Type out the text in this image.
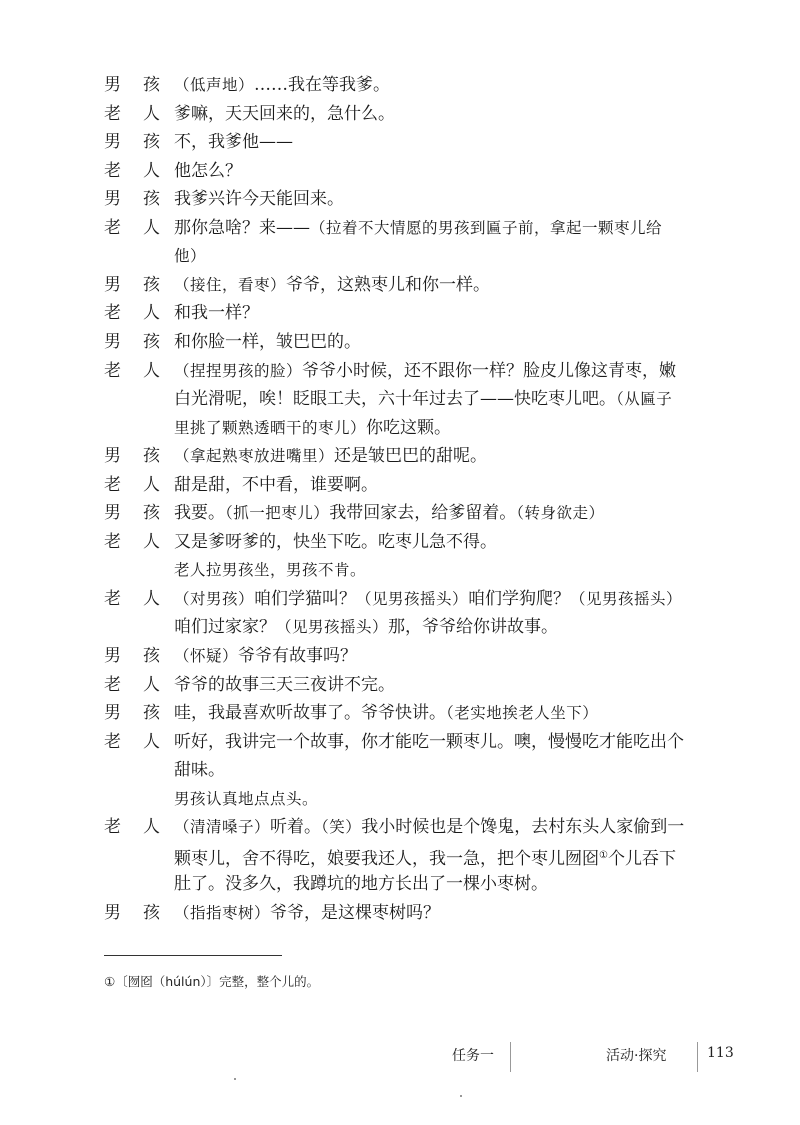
男 孩 （低声地）……我在等我爹。
老 人 爹嘛，天天回来的，急什么。
男 孩 不，我爹他——
老 人 他怎么？
男 孩 我爹兴许今天能回来。
老 人 那你急啥？来——（拉着不大情愿的男孩到匾子前，拿起一颗枣儿给
他）
男 孩 （接住，看枣）爷爷，这熟枣儿和你一样。
老 人 和我一样？
男 孩 和你脸一样，皱巴巴的。
老 人 （捏捏男孩的脸）爷爷小时候，还不跟你一样？脸皮儿像这青枣，嫩
白光滑呢，唉！眨眼工夫，六十年过去了——快吃枣儿吧。（从匾子
里挑了颗熟透晒干的枣儿）你吃这颗。
男 孩 （拿起熟枣放进嘴里）还是皱巴巴的甜呢。
老 人 甜是甜，不中看，谁要啊。
男 孩 我要。（抓一把枣儿）我带回家去，给爹留着。（转身欲走）
老 人 又是爹呀爹的，快坐下吃。吃枣儿急不得。
老人拉男孩坐，男孩不肯。
老 人 （对男孩）咱们学猫叫？（见男孩摇头）咱们学狗爬？（见男孩摇头）
咱们过家家？（见男孩摇头）那，爷爷给你讲故事。
男 孩 （怀疑）爷爷有故事吗？
老 人 爷爷的故事三天三夜讲不完。
男 孩 哇，我最喜欢听故事了。爷爷快讲。（老实地挨老人坐下）
老 人 听好，我讲完一个故事，你才能吃一颗枣儿。噢，慢慢吃才能吃出个
甜味。
男孩认真地点点头。
老 人 （清清嗓子）听着。（笑）我小时候也是个馋鬼，去村东头人家偷到一
颗枣儿，舍不得吃，娘要我还人，我一急，把个枣儿囫囵①个儿吞下
肚了。没多久，我蹲坑的地方长出了一棵小枣树。
男 孩 （指指枣树）爷爷，是这棵枣树吗？
①〔囫囵（húlún）〕完整，整个儿的。
任务一	活动·探究	113
